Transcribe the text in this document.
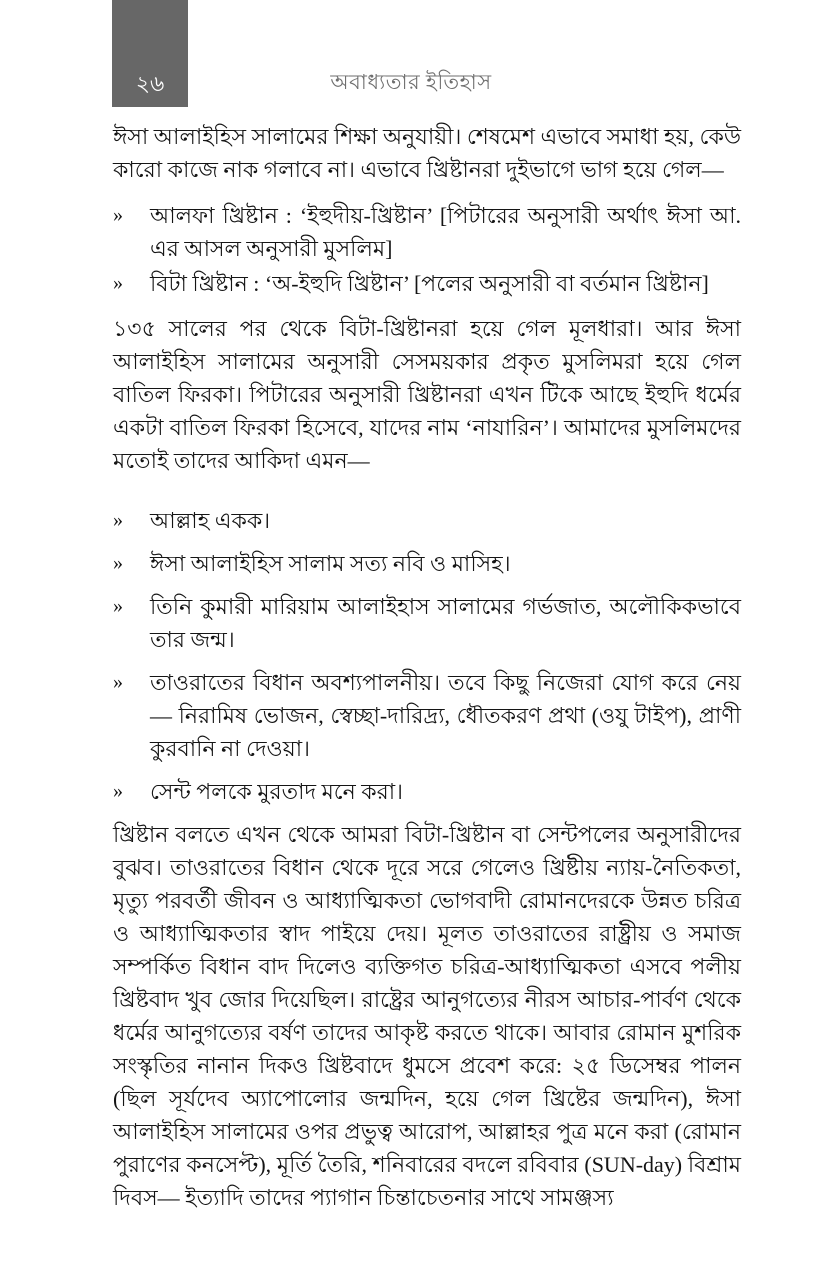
২৬	অবাধ্যতার ইতিহাস

ঈসা আলাইহিস সালামের শিক্ষা অনুযায়ী। শেষমেশ এভাবে সমাধা হয়, কেউ কারো কাজে নাক গলাবে না। এভাবে খ্রিষ্টানরা দুইভাগে ভাগ হয়ে গেল—

»	আলফা খ্রিষ্টান : ‘ইহুদীয়-খ্রিষ্টান’ [পিটারের অনুসারী অর্থাৎ ঈসা আ. এর আসল অনুসারী মুসলিম]
»	বিটা খ্রিষ্টান : ‘অ-ইহুদি খ্রিষ্টান’ [পলের অনুসারী বা বর্তমান খ্রিষ্টান]

১৩৫ সালের পর থেকে বিটা-খ্রিষ্টানরা হয়ে গেল মূলধারা। আর ঈসা আলাইহিস সালামের অনুসারী সেসময়কার প্রকৃত মুসলিমরা হয়ে গেল বাতিল ফিরকা। পিটারের অনুসারী খ্রিষ্টানরা এখন টিকে আছে ইহুদি ধর্মের একটা বাতিল ফিরকা হিসেবে, যাদের নাম ‘নাযারিন’। আমাদের মুসলিমদের মতোই তাদের আকিদা এমন—

»	আল্লাহ একক।
»	ঈসা আলাইহিস সালাম সত্য নবি ও মাসিহ।
»	তিনি কুমারী মারিয়াম আলাইহাস সালামের গর্ভজাত, অলৌকিকভাবে তার জন্ম।
»	তাওরাতের বিধান অবশ্যপালনীয়। তবে কিছু নিজেরা যোগ করে নেয়— নিরামিষ ভোজন, স্বেচ্ছা-দারিদ্র্য, ধৌতকরণ প্রথা (ওযু টাইপ), প্রাণী কুরবানি না দেওয়া।
»	সেন্ট পলকে মুরতাদ মনে করা।

খ্রিষ্টান বলতে এখন থেকে আমরা বিটা-খ্রিষ্টান বা সেন্টপলের অনুসারীদের বুঝব। তাওরাতের বিধান থেকে দূরে সরে গেলেও খ্রিষ্টীয় ন্যায়-নৈতিকতা, মৃত্যু পরবর্তী জীবন ও আধ্যাত্মিকতা ভোগবাদী রোমানদেরকে উন্নত চরিত্র ও আধ্যাত্মিকতার স্বাদ পাইয়ে দেয়। মূলত তাওরাতের রাষ্ট্রীয় ও সমাজ সম্পর্কিত বিধান বাদ দিলেও ব্যক্তিগত চরিত্র-আধ্যাত্মিকতা এসবে পলীয় খ্রিষ্টবাদ খুব জোর দিয়েছিল। রাষ্ট্রের আনুগত্যের নীরস আচার-পার্বণ থেকে ধর্মের আনুগত্যের বর্ষণ তাদের আকৃষ্ট করতে থাকে। আবার রোমান মুশরিক সংস্কৃতির নানান দিকও খ্রিষ্টবাদে ধুমসে প্রবেশ করে: ২৫ ডিসেম্বর পালন (ছিল সূর্যদেব অ্যাপোলোর জন্মদিন, হয়ে গেল খ্রিষ্টের জন্মদিন), ঈসা আলাইহিস সালামের ওপর প্রভুত্ব আরোপ, আল্লাহর পুত্র মনে করা (রোমান পুরাণের কনসেপ্ট), মূর্তি তৈরি, শনিবারের বদলে রবিবার (SUN-day) বিশ্রাম দিবস— ইত্যাদি তাদের প্যাগান চিন্তাচেতনার সাথে সামঞ্জস্য
